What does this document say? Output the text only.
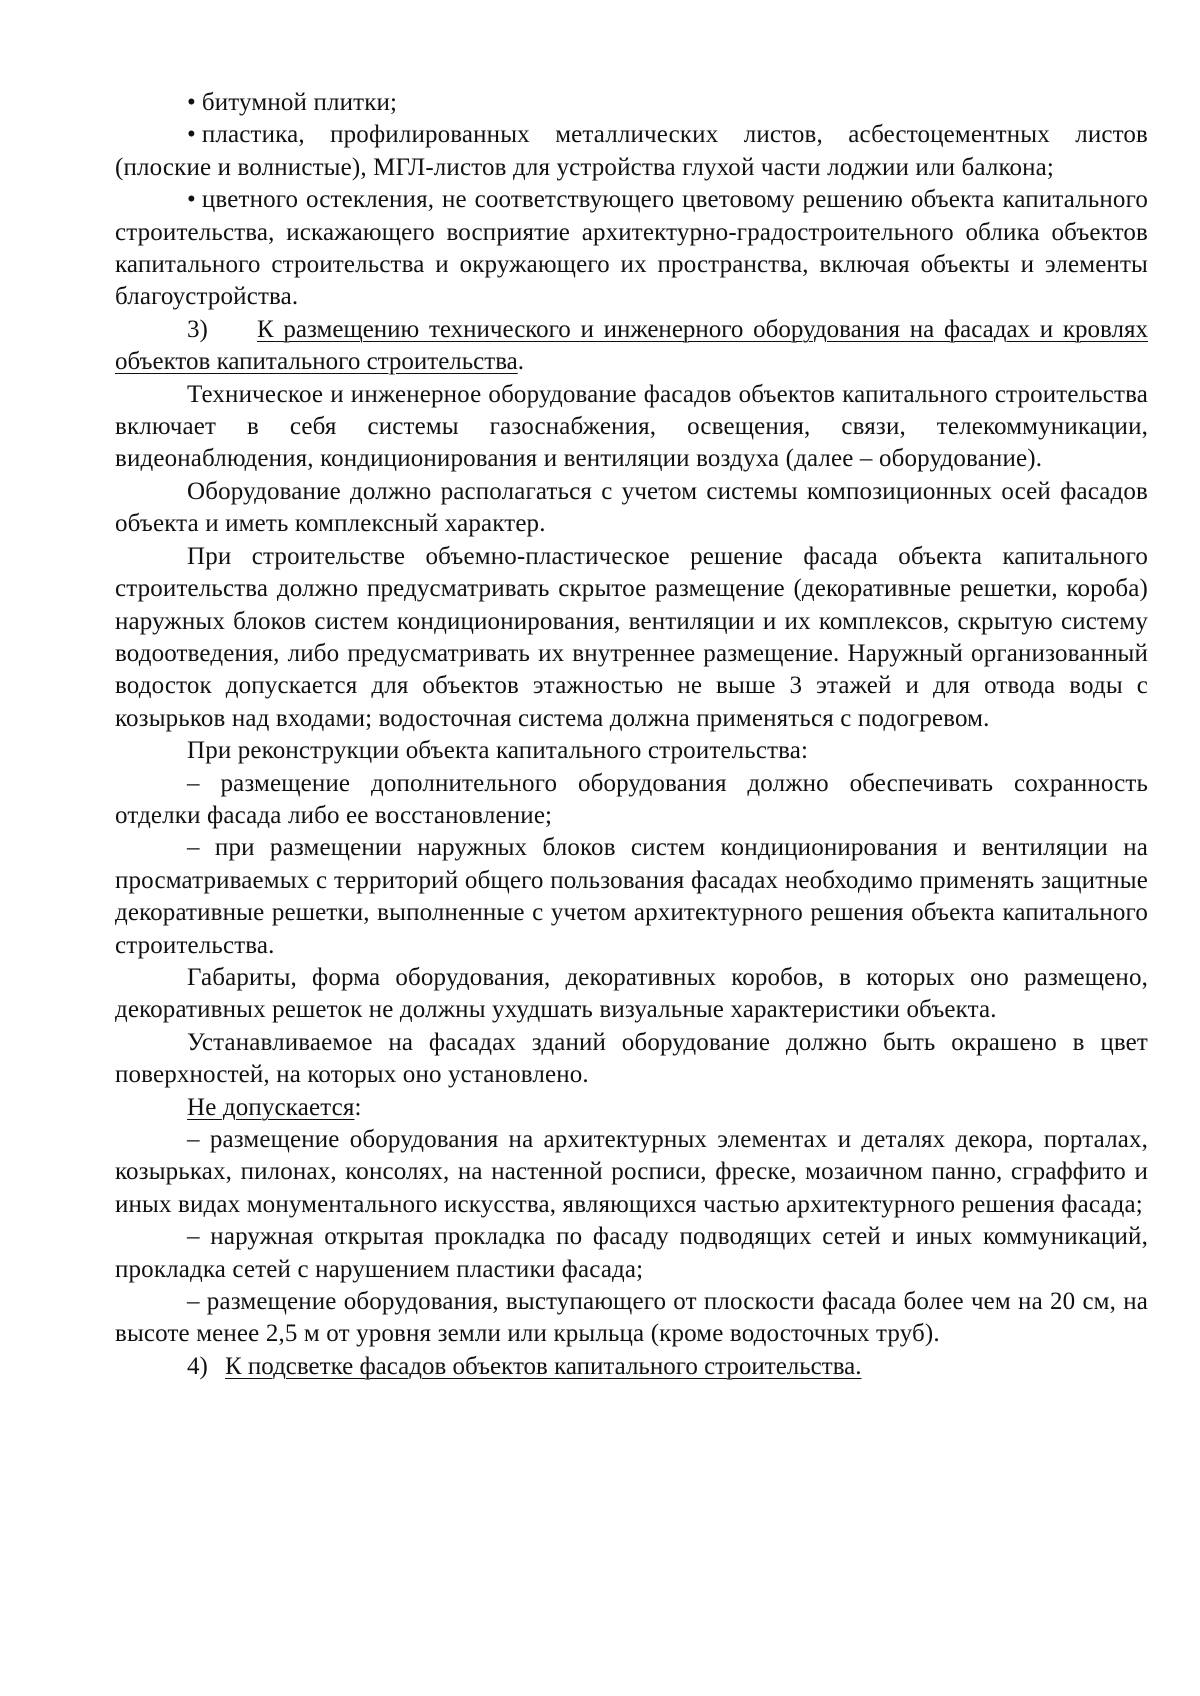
• битумной плитки;

• пластика, профилированных металлических листов, асбестоцементных листов (плоские и волнистые), МГЛ-листов для устройства глухой части лоджии или балкона;

• цветного остекления, не соответствующего цветовому решению объекта капитального строительства, искажающего восприятие архитектурно-градостроительного облика объектов капитального строительства и окружающего их пространства, включая объекты и элементы благоустройства.

3) К размещению технического и инженерного оборудования на фасадах и кровлях объектов капитального строительства.

Техническое и инженерное оборудование фасадов объектов капитального строительства включает в себя системы газоснабжения, освещения, связи, телекоммуникации, видеонаблюдения, кондиционирования и вентиляции воздуха (далее – оборудование).

Оборудование должно располагаться с учетом системы композиционных осей фасадов объекта и иметь комплексный характер.

При строительстве объемно-пластическое решение фасада объекта капитального строительства должно предусматривать скрытое размещение (декоративные решетки, короба) наружных блоков систем кондиционирования, вентиляции и их комплексов, скрытую систему водоотведения, либо предусматривать их внутреннее размещение. Наружный организованный водосток допускается для объектов этажностью не выше 3 этажей и для отвода воды с козырьков над входами; водосточная система должна применяться с подогревом.

При реконструкции объекта капитального строительства:

– размещение дополнительного оборудования должно обеспечивать сохранность отделки фасада либо ее восстановление;

– при размещении наружных блоков систем кондиционирования и вентиляции на просматриваемых с территорий общего пользования фасадах необходимо применять защитные декоративные решетки, выполненные с учетом архитектурного решения объекта капитального строительства.

Габариты, форма оборудования, декоративных коробов, в которых оно размещено, декоративных решеток не должны ухудшать визуальные характеристики объекта.

Устанавливаемое на фасадах зданий оборудование должно быть окрашено в цвет поверхностей, на которых оно установлено.

Не допускается:

– размещение оборудования на архитектурных элементах и деталях декора, порталах, козырьках, пилонах, консолях, на настенной росписи, фреске, мозаичном панно, сграффито и иных видах монументального искусства, являющихся частью архитектурного решения фасада;

– наружная открытая прокладка по фасаду подводящих сетей и иных коммуникаций, прокладка сетей с нарушением пластики фасада;

– размещение оборудования, выступающего от плоскости фасада более чем на 20 см, на высоте менее 2,5 м от уровня земли или крыльца (кроме водосточных труб).

4) К подсветке фасадов объектов капитального строительства.
